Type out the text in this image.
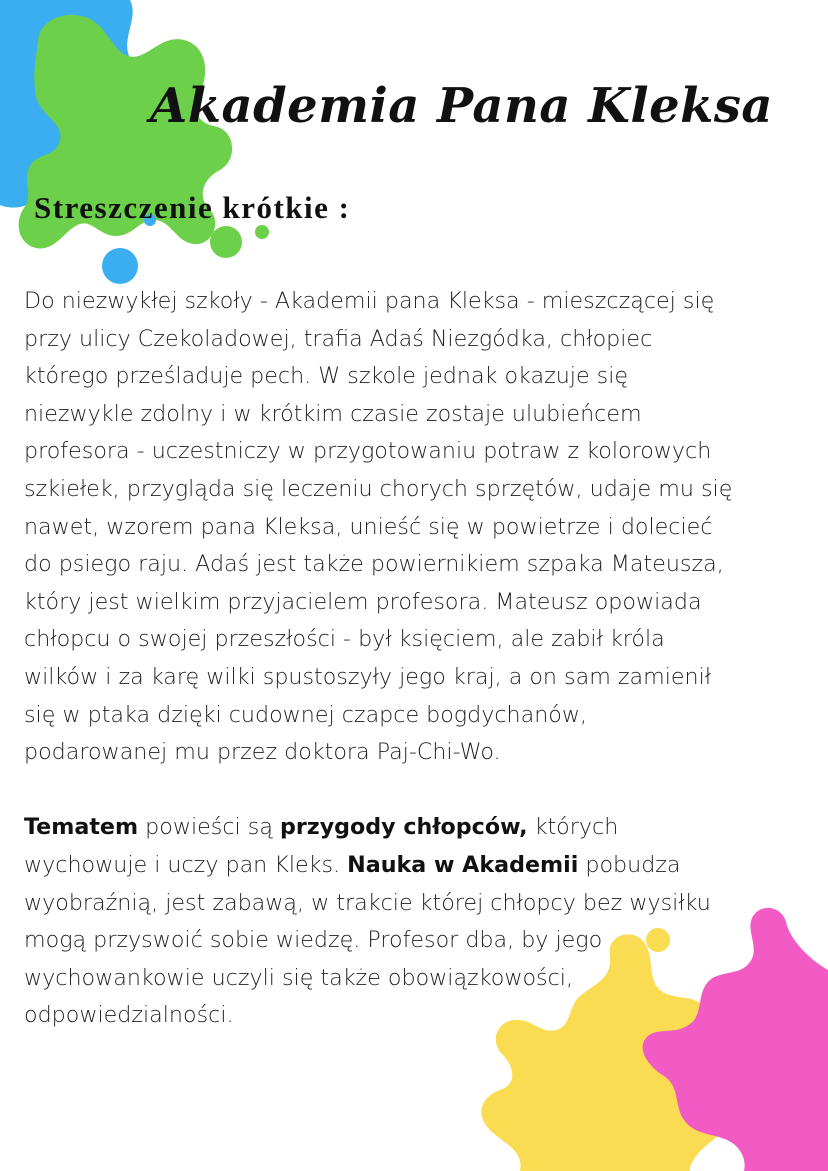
Akademia Pana Kleksa
Streszczenie krótkie :

Do niezwykłej szkoły - Akademii pana Kleksa - mieszczącej się
przy ulicy Czekoladowej, trafia Adaś Niezgódka, chłopiec
którego prześladuje pech. W szkole jednak okazuje się
niezwykle zdolny i w krótkim czasie zostaje ulubieńcem
profesora - uczestniczy w przygotowaniu potraw z kolorowych
szkiełek, przygląda się leczeniu chorych sprzętów, udaje mu się
nawet, wzorem pana Kleksa, unieść się w powietrze i dolecieć
do psiego raju. Adaś jest także powiernikiem szpaka Mateusza,
który jest wielkim przyjacielem profesora. Mateusz opowiada
chłopcu o swojej przeszłości - był księciem, ale zabił króla
wilków i za karę wilki spustoszyły jego kraj, a on sam zamienił
się w ptaka dzięki cudownej czapce bogdychanów,
podarowanej mu przez doktora Paj-Chi-Wo.

Tematem powieści są przygody chłopców, których
wychowuje i uczy pan Kleks. Nauka w Akademii pobudza
wyobraźnią, jest zabawą, w trakcie której chłopcy bez wysiłku
mogą przyswoić sobie wiedzę. Profesor dba, by jego
wychowankowie uczyli się także obowiązkowości,
odpowiedzialności.
